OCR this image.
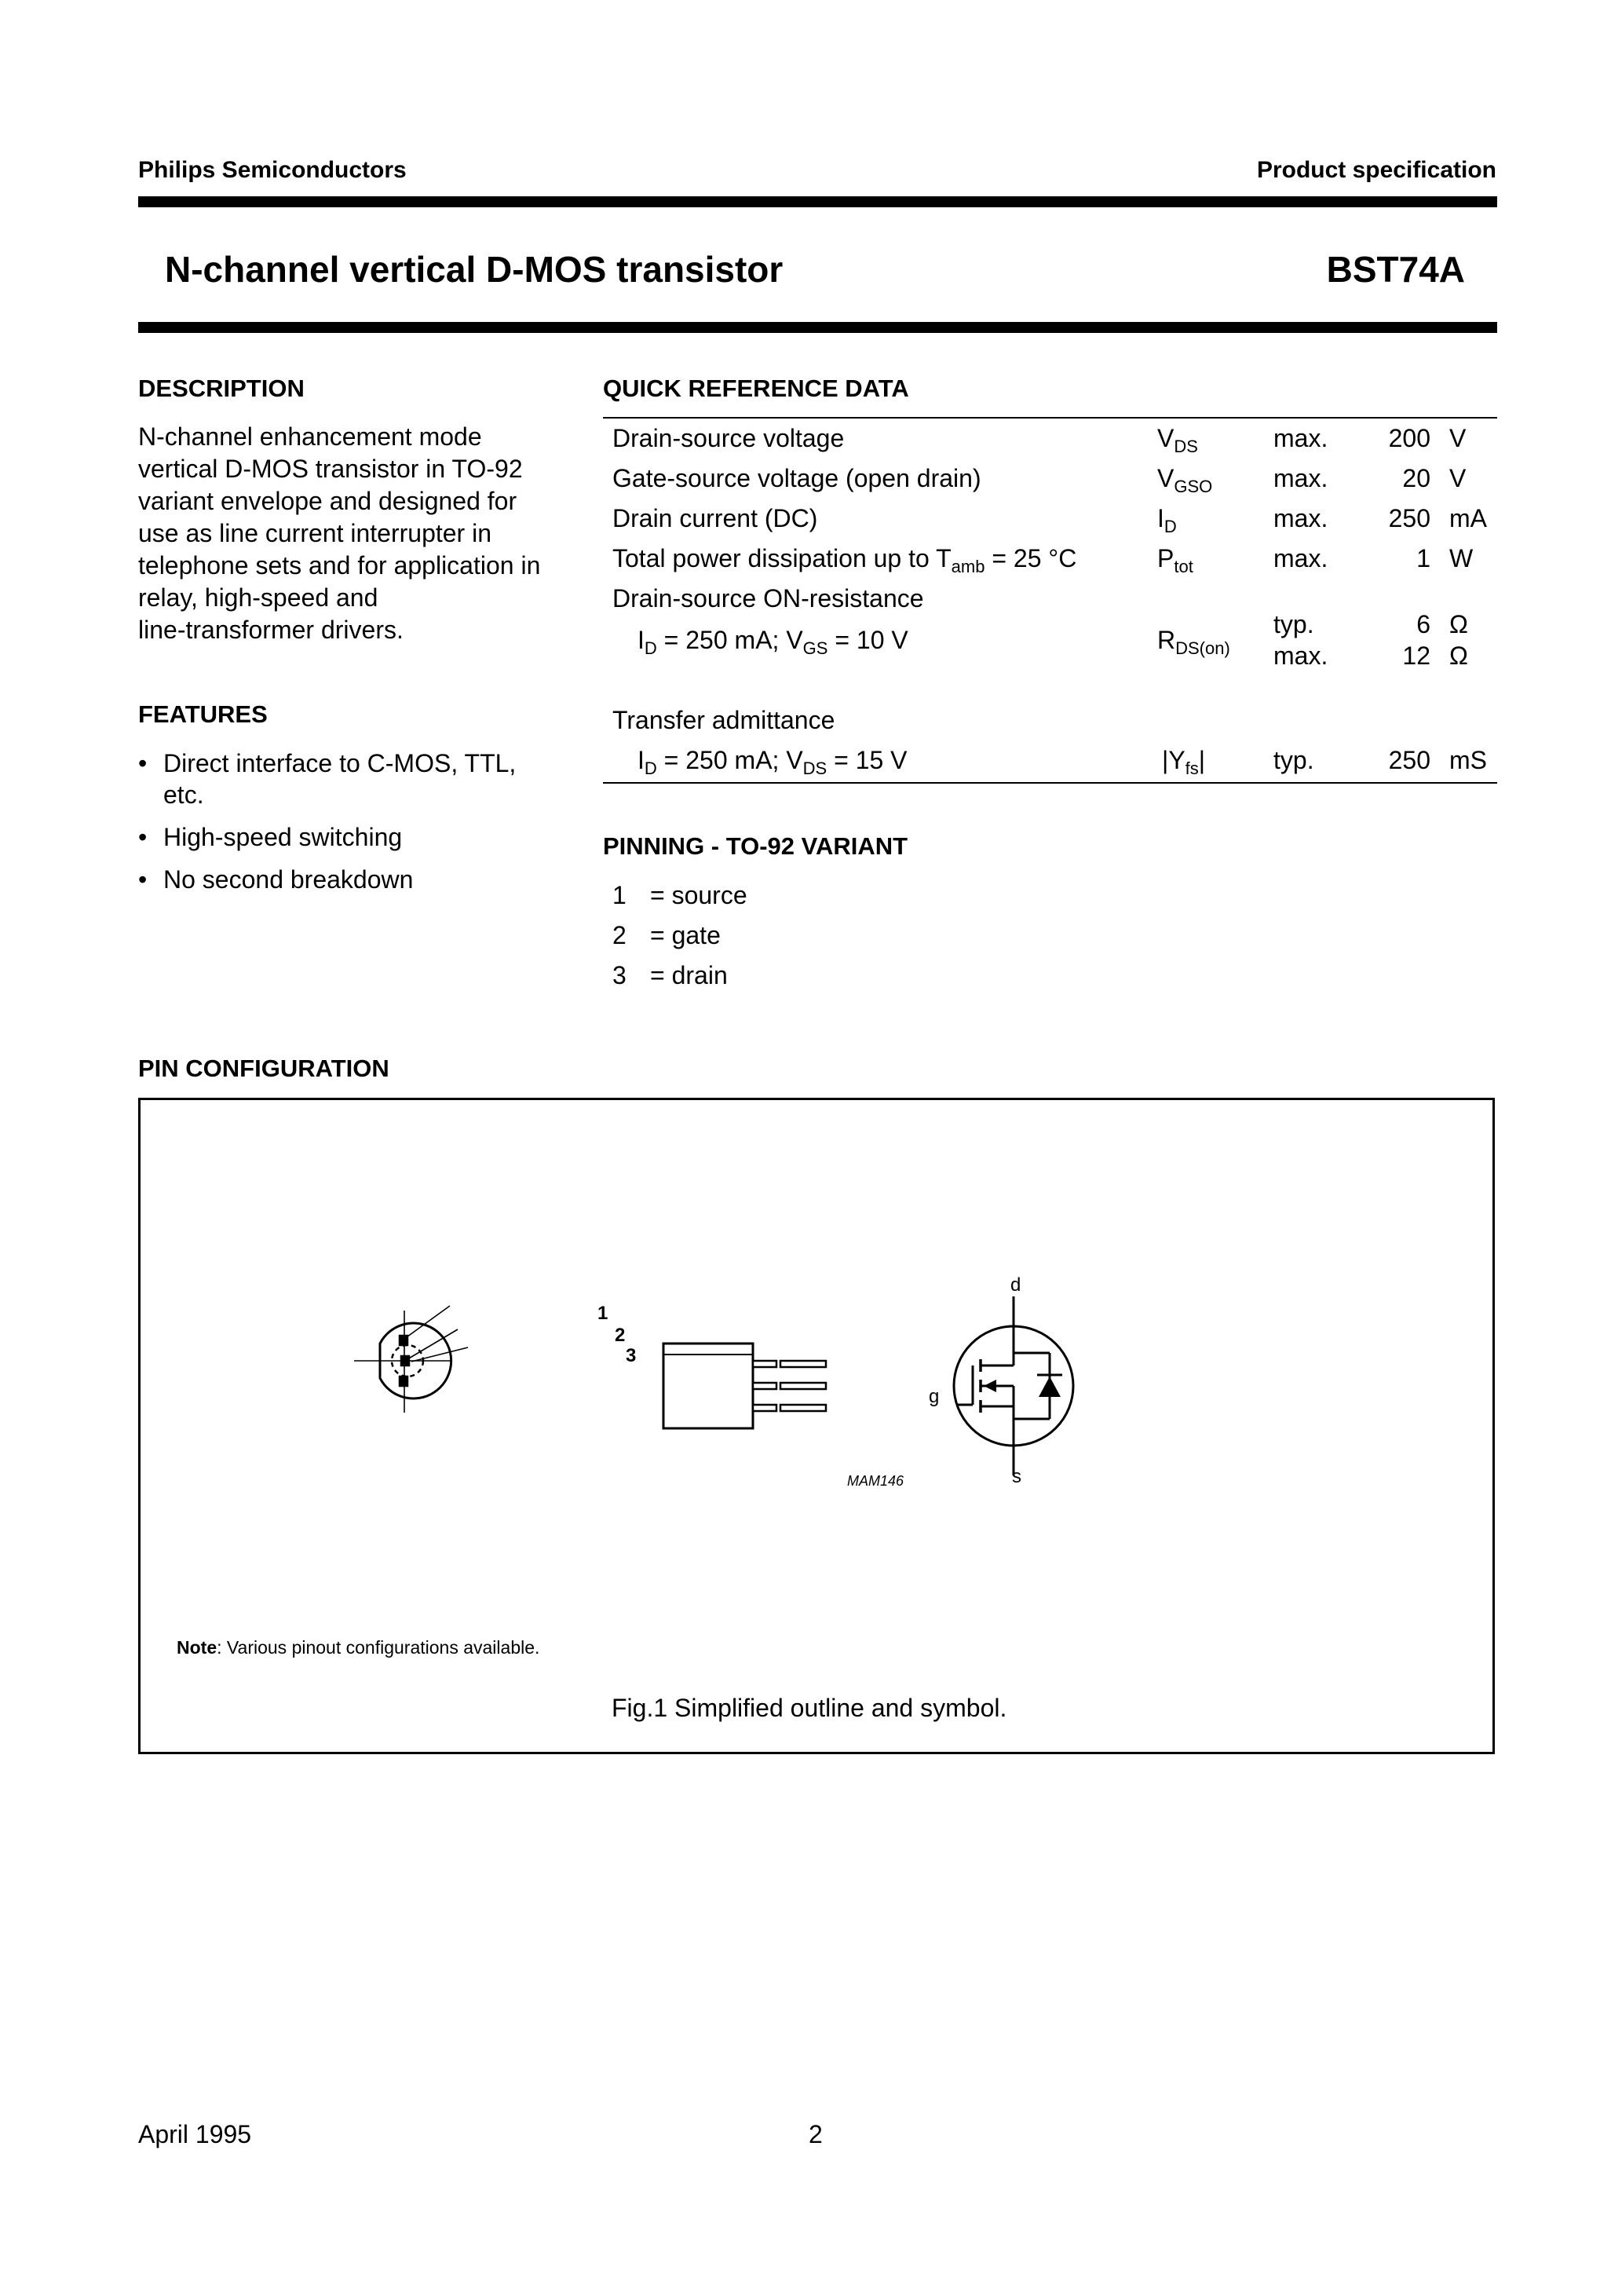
Philips Semiconductors	Product specification
N-channel vertical D-MOS transistor	BST74A
DESCRIPTION
N-channel enhancement mode
vertical D-MOS transistor in TO-92
variant envelope and designed for
use as line current interrupter in
telephone sets and for application in
relay, high-speed and
line-transformer drivers.
FEATURES
• Direct interface to C-MOS, TTL,
etc.
• High-speed switching
• No second breakdown
QUICK REFERENCE DATA
Drain-source voltage	$V_{DS}$	max. 200 V
Gate-source voltage (open drain)	$V_{GSO}$ max.	20 V
Drain current (DC)	$I_D$	max. 250 mA
Total power dissipation up to $T_{amb} = 25$ °C	$P_{tot}$	max.	1 W
Drain-source ON-resistance
$I_D = 250$ mA; $V_{GS} = 10$ V	$R_{DS(on)}$
typ.	6 Ω
max.	12 Ω
Transfer admittance
$I_D = 250$ mA; $V_{DS} = 15$ V	$|Y_{fs}|$	typ.	250 mS
PINNING - TO-92 VARIANT
1 = source
2 = gate
3 = drain
PIN CONFIGURATION
1
2
3
d
g
s
MAM146
Note: Various pinout configurations available.
Fig.1 Simplified outline and symbol.
April 1995	2
